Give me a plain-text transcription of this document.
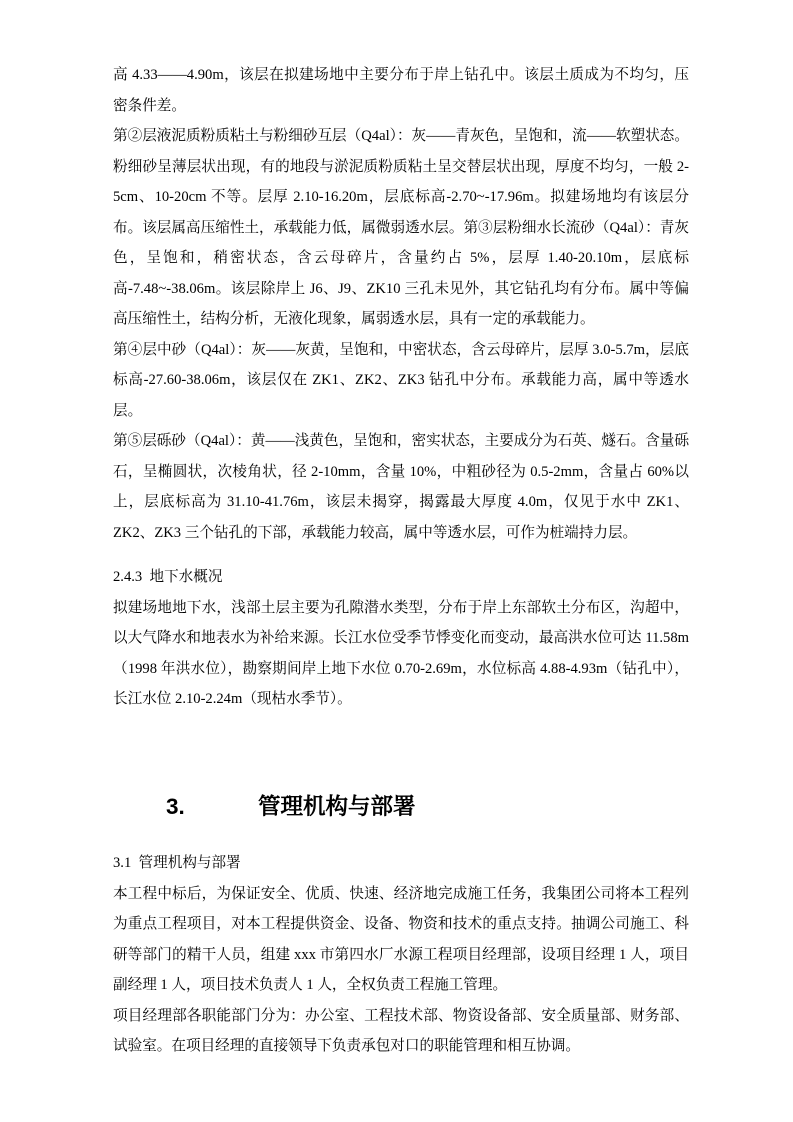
高 4.33——4.90m，该层在拟建场地中主要分布于岸上钻孔中。该层土质成为不均匀，压密条件差。

第②层液泥质粉质粘土与粉细砂互层（Q4al）：灰——青灰色，呈饱和，流——软塑状态。粉细砂呈薄层状出现，有的地段与淤泥质粉质粘土呈交替层状出现，厚度不均匀，一般 2-5cm、10-20cm 不等。层厚 2.10-16.20m，层底标高-2.70~-17.96m。拟建场地均有该层分布。该层属高压缩性土，承载能力低，属微弱透水层。第③层粉细水长流砂（Q4al）：青灰色，呈饱和，稍密状态，含云母碎片，含量约占 5%，层厚 1.40-20.10m，层底标高-7.48~-38.06m。该层除岸上 J6、J9、ZK10 三孔未见外，其它钻孔均有分布。属中等偏高压缩性土，结构分析，无液化现象，属弱透水层，具有一定的承载能力。

第④层中砂（Q4al）：灰——灰黄，呈饱和，中密状态，含云母碎片，层厚 3.0-5.7m，层底标高-27.60-38.06m，该层仅在 ZK1、ZK2、ZK3 钻孔中分布。承载能力高，属中等透水层。

第⑤层砾砂（Q4al）：黄——浅黄色，呈饱和，密实状态，主要成分为石英、燧石。含量砾石，呈椭圆状，次棱角状，径 2-10mm，含量 10%，中粗砂径为 0.5-2mm，含量占 60%以上，层底标高为 31.10-41.76m，该层未揭穿，揭露最大厚度 4.0m，仅见于水中 ZK1、ZK2、ZK3 三个钻孔的下部，承载能力较高，属中等透水层，可作为桩端持力层。

2.4.3 地下水概况

拟建场地地下水，浅部土层主要为孔隙潜水类型，分布于岸上东部软土分布区，沟超中，以大气降水和地表水为补给来源。长江水位受季节悸变化而变动，最高洪水位可达 11.58m（1998 年洪水位），勘察期间岸上地下水位 0.70-2.69m，水位标高 4.88-4.93m（钻孔中），长江水位 2.10-2.24m（现枯水季节）。

3.	管理机构与部署

3.1 管理机构与部署

本工程中标后，为保证安全、优质、快速、经济地完成施工任务，我集团公司将本工程列为重点工程项目，对本工程提供资金、设备、物资和技术的重点支持。抽调公司施工、科研等部门的精干人员，组建 xxx 市第四水厂水源工程项目经理部，设项目经理 1 人，项目副经理 1 人，项目技术负责人 1 人，全权负责工程施工管理。

项目经理部各职能部门分为：办公室、工程技术部、物资设备部、安全质量部、财务部、试验室。在项目经理的直接领导下负责承包对口的职能管理和相互协调。
